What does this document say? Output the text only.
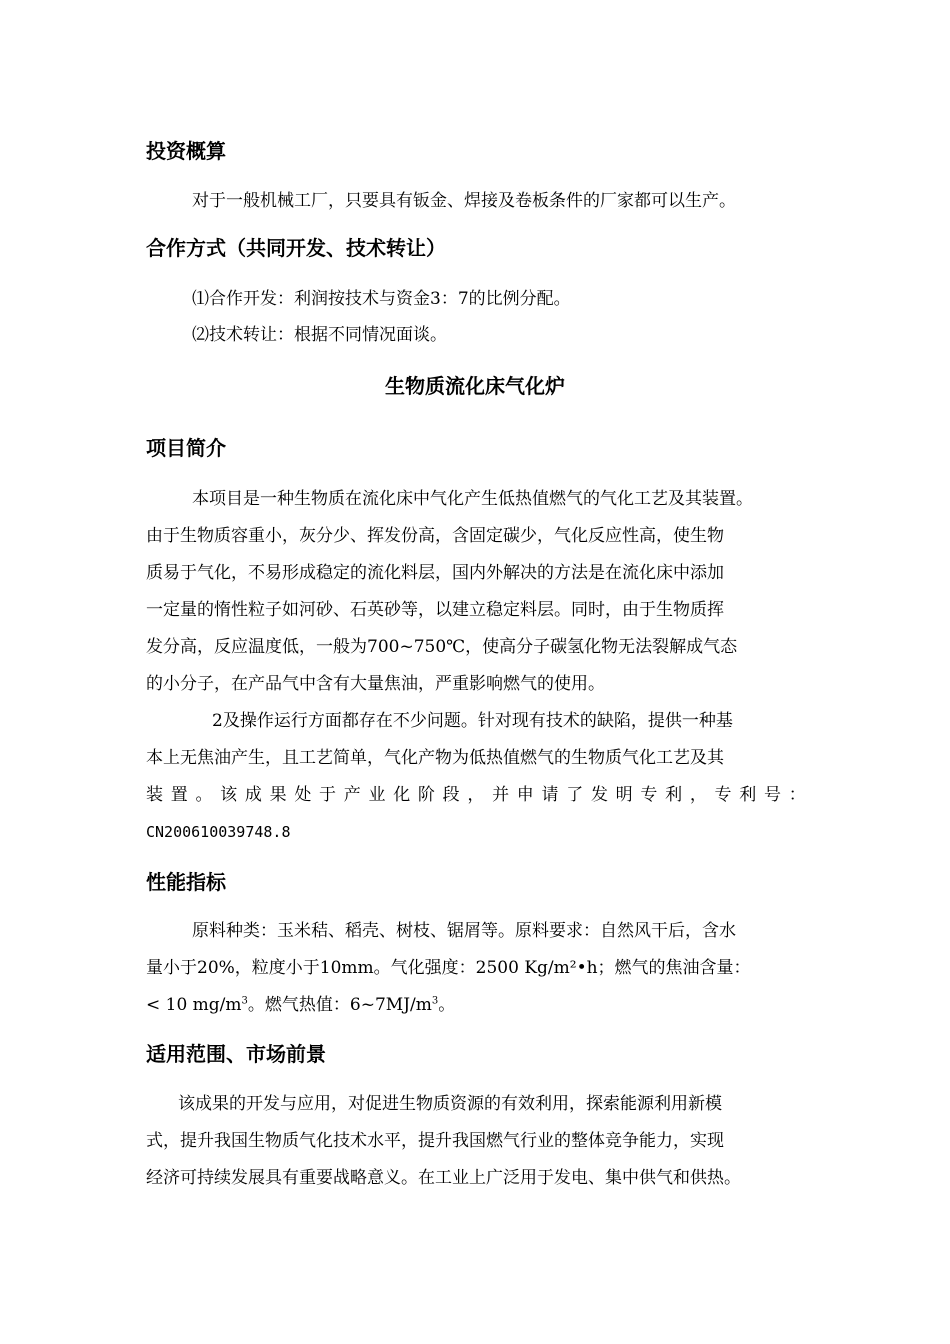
投资概算
对于一般机械工厂，只要具有钣金、焊接及卷板条件的厂家都可以生产。
合作方式（共同开发、技术转让）
⑴合作开发：利润按技术与资金3：7的比例分配。
⑵技术转让：根据不同情况面谈。
生物质流化床气化炉
项目简介
本项目是一种生物质在流化床中气化产生低热值燃气的气化工艺及其装置。
由于生物质容重小，灰分少、挥发份高，含固定碳少，气化反应性高，使生物
质易于气化，不易形成稳定的流化料层，国内外解决的方法是在流化床中添加
一定量的惰性粒子如河砂、石英砂等，以建立稳定料层。同时，由于生物质挥
发分高，反应温度低，一般为700~750℃，使高分子碳氢化物无法裂解成气态
的小分子，在产品气中含有大量焦油，严重影响燃气的使用。
2及操作运行方面都存在不少问题。针对现有技术的缺陷，提供一种基
本上无焦油产生，且工艺简单，气化产物为低热值燃气的生物质气化工艺及其
装 置 。 该 成 果 处 于 产 业 化 阶 段 ， 并 申 请 了 发 明 专 利 ， 专 利 号 ：
CN200610039748.8
性能指标
原料种类：玉米秸、稻壳、树枝、锯屑等。原料要求：自然风干后，含水
量小于20%，粒度小于10mm。气化强度：2500 Kg/m²•h；燃气的焦油含量：
< 10 $mg/m^3$。燃气热值：$6\sim 7MJ/m^3$。
适用范围、市场前景
该成果的开发与应用，对促进生物质资源的有效利用，探索能源利用新模
式，提升我国生物质气化技术水平，提升我国燃气行业的整体竞争能力，实现
经济可持续发展具有重要战略意义。在工业上广泛用于发电、集中供气和供热。
